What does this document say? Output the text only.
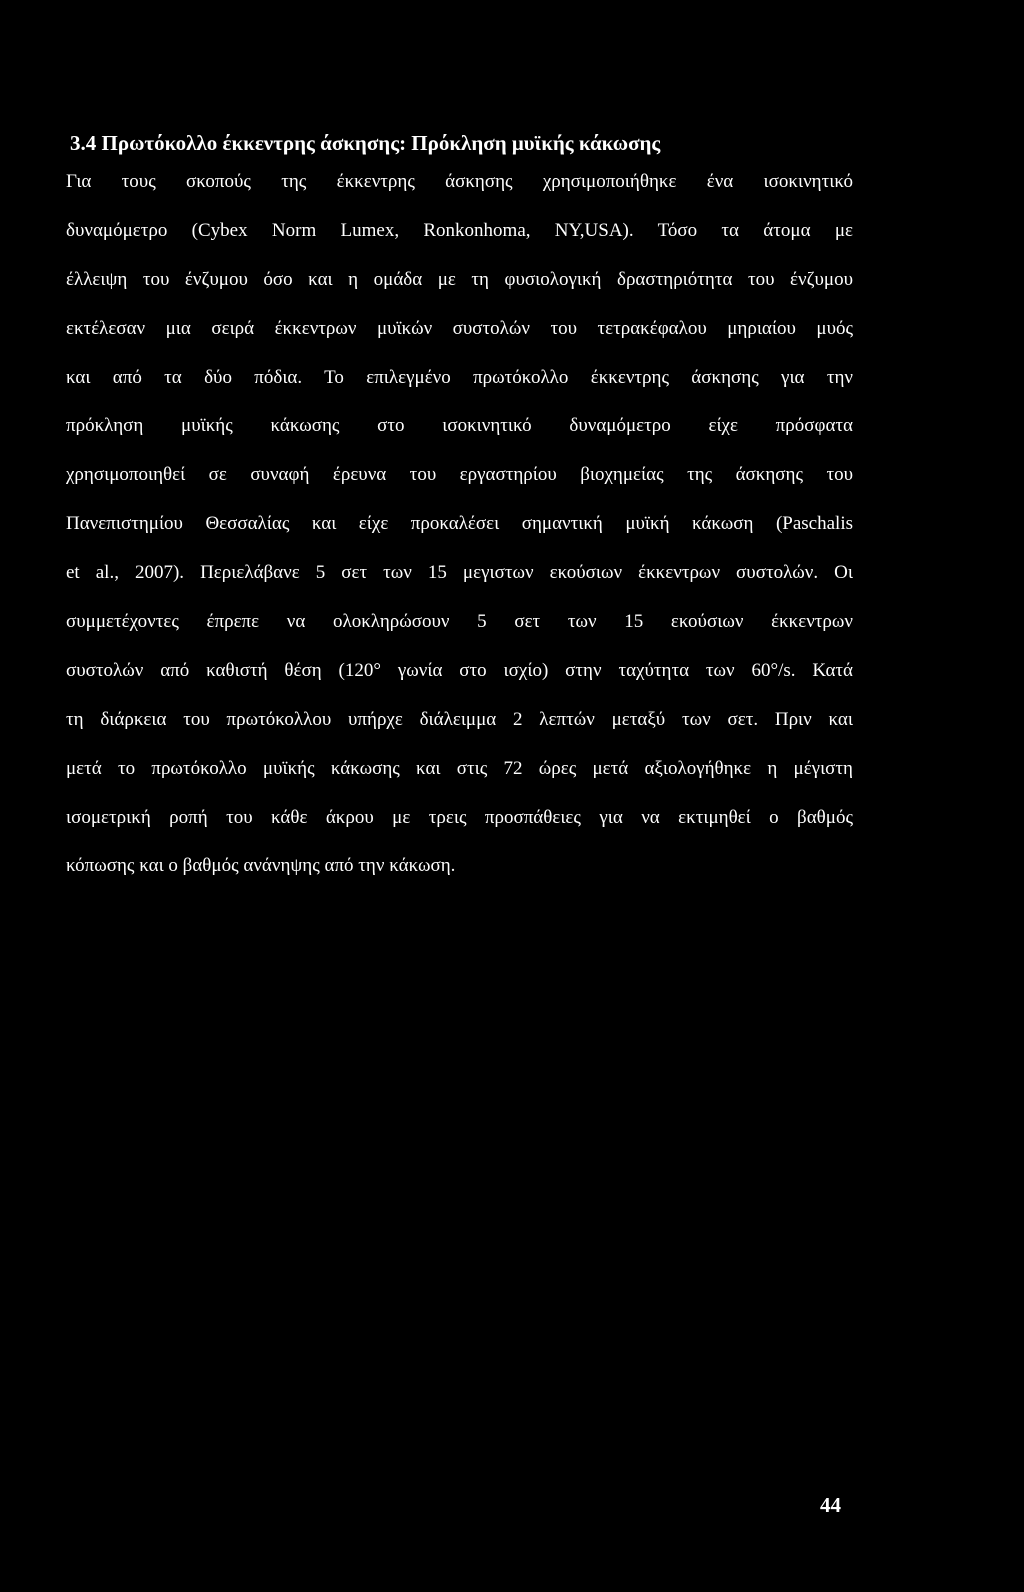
3.4 Πρωτόκολλο έκκεντρης άσκησης: Πρόκληση μυϊκής κάκωσης
Για τους σκοπούς της έκκεντρης άσκησης χρησιμοποιήθηκε ένα ισοκινητικό
δυναμόμετρο (Cybex Norm Lumex, Ronkonhoma, NY,USA). Τόσο τα άτομα με
έλλειψη του ένζυμου όσο και η ομάδα με τη φυσιολογική δραστηριότητα του ένζυμου
εκτέλεσαν μια σειρά έκκεντρων μυϊκών συστολών του τετρακέφαλου μηριαίου μυός
και από τα δύο πόδια. Το επιλεγμένο πρωτόκολλο έκκεντρης άσκησης για την
πρόκληση μυϊκής κάκωσης στο ισοκινητικό δυναμόμετρο είχε πρόσφατα
χρησιμοποιηθεί σε συναφή έρευνα του εργαστηρίου βιοχημείας της άσκησης του
Πανεπιστημίου Θεσσαλίας και είχε προκαλέσει σημαντική μυϊκή κάκωση (Paschalis
et al., 2007). Περιελάβανε 5 σετ των 15 μεγιστων εκούσιων έκκεντρων συστολών. Οι
συμμετέχοντες έπρεπε να ολοκληρώσουν 5 σετ των 15 εκούσιων έκκεντρων
συστολών από καθιστή θέση (120° γωνία στο ισχίο) στην ταχύτητα των 60°/s. Κατά
τη διάρκεια του πρωτόκολλου υπήρχε διάλειμμα 2 λεπτών μεταξύ των σετ. Πριν και
μετά το πρωτόκολλο μυϊκής κάκωσης και στις 72 ώρες μετά αξιολογήθηκε η μέγιστη
ισομετρική ροπή του κάθε άκρου με τρεις προσπάθειες για να εκτιμηθεί ο βαθμός
κόπωσης και ο βαθμός ανάνηψης από την κάκωση.
44
